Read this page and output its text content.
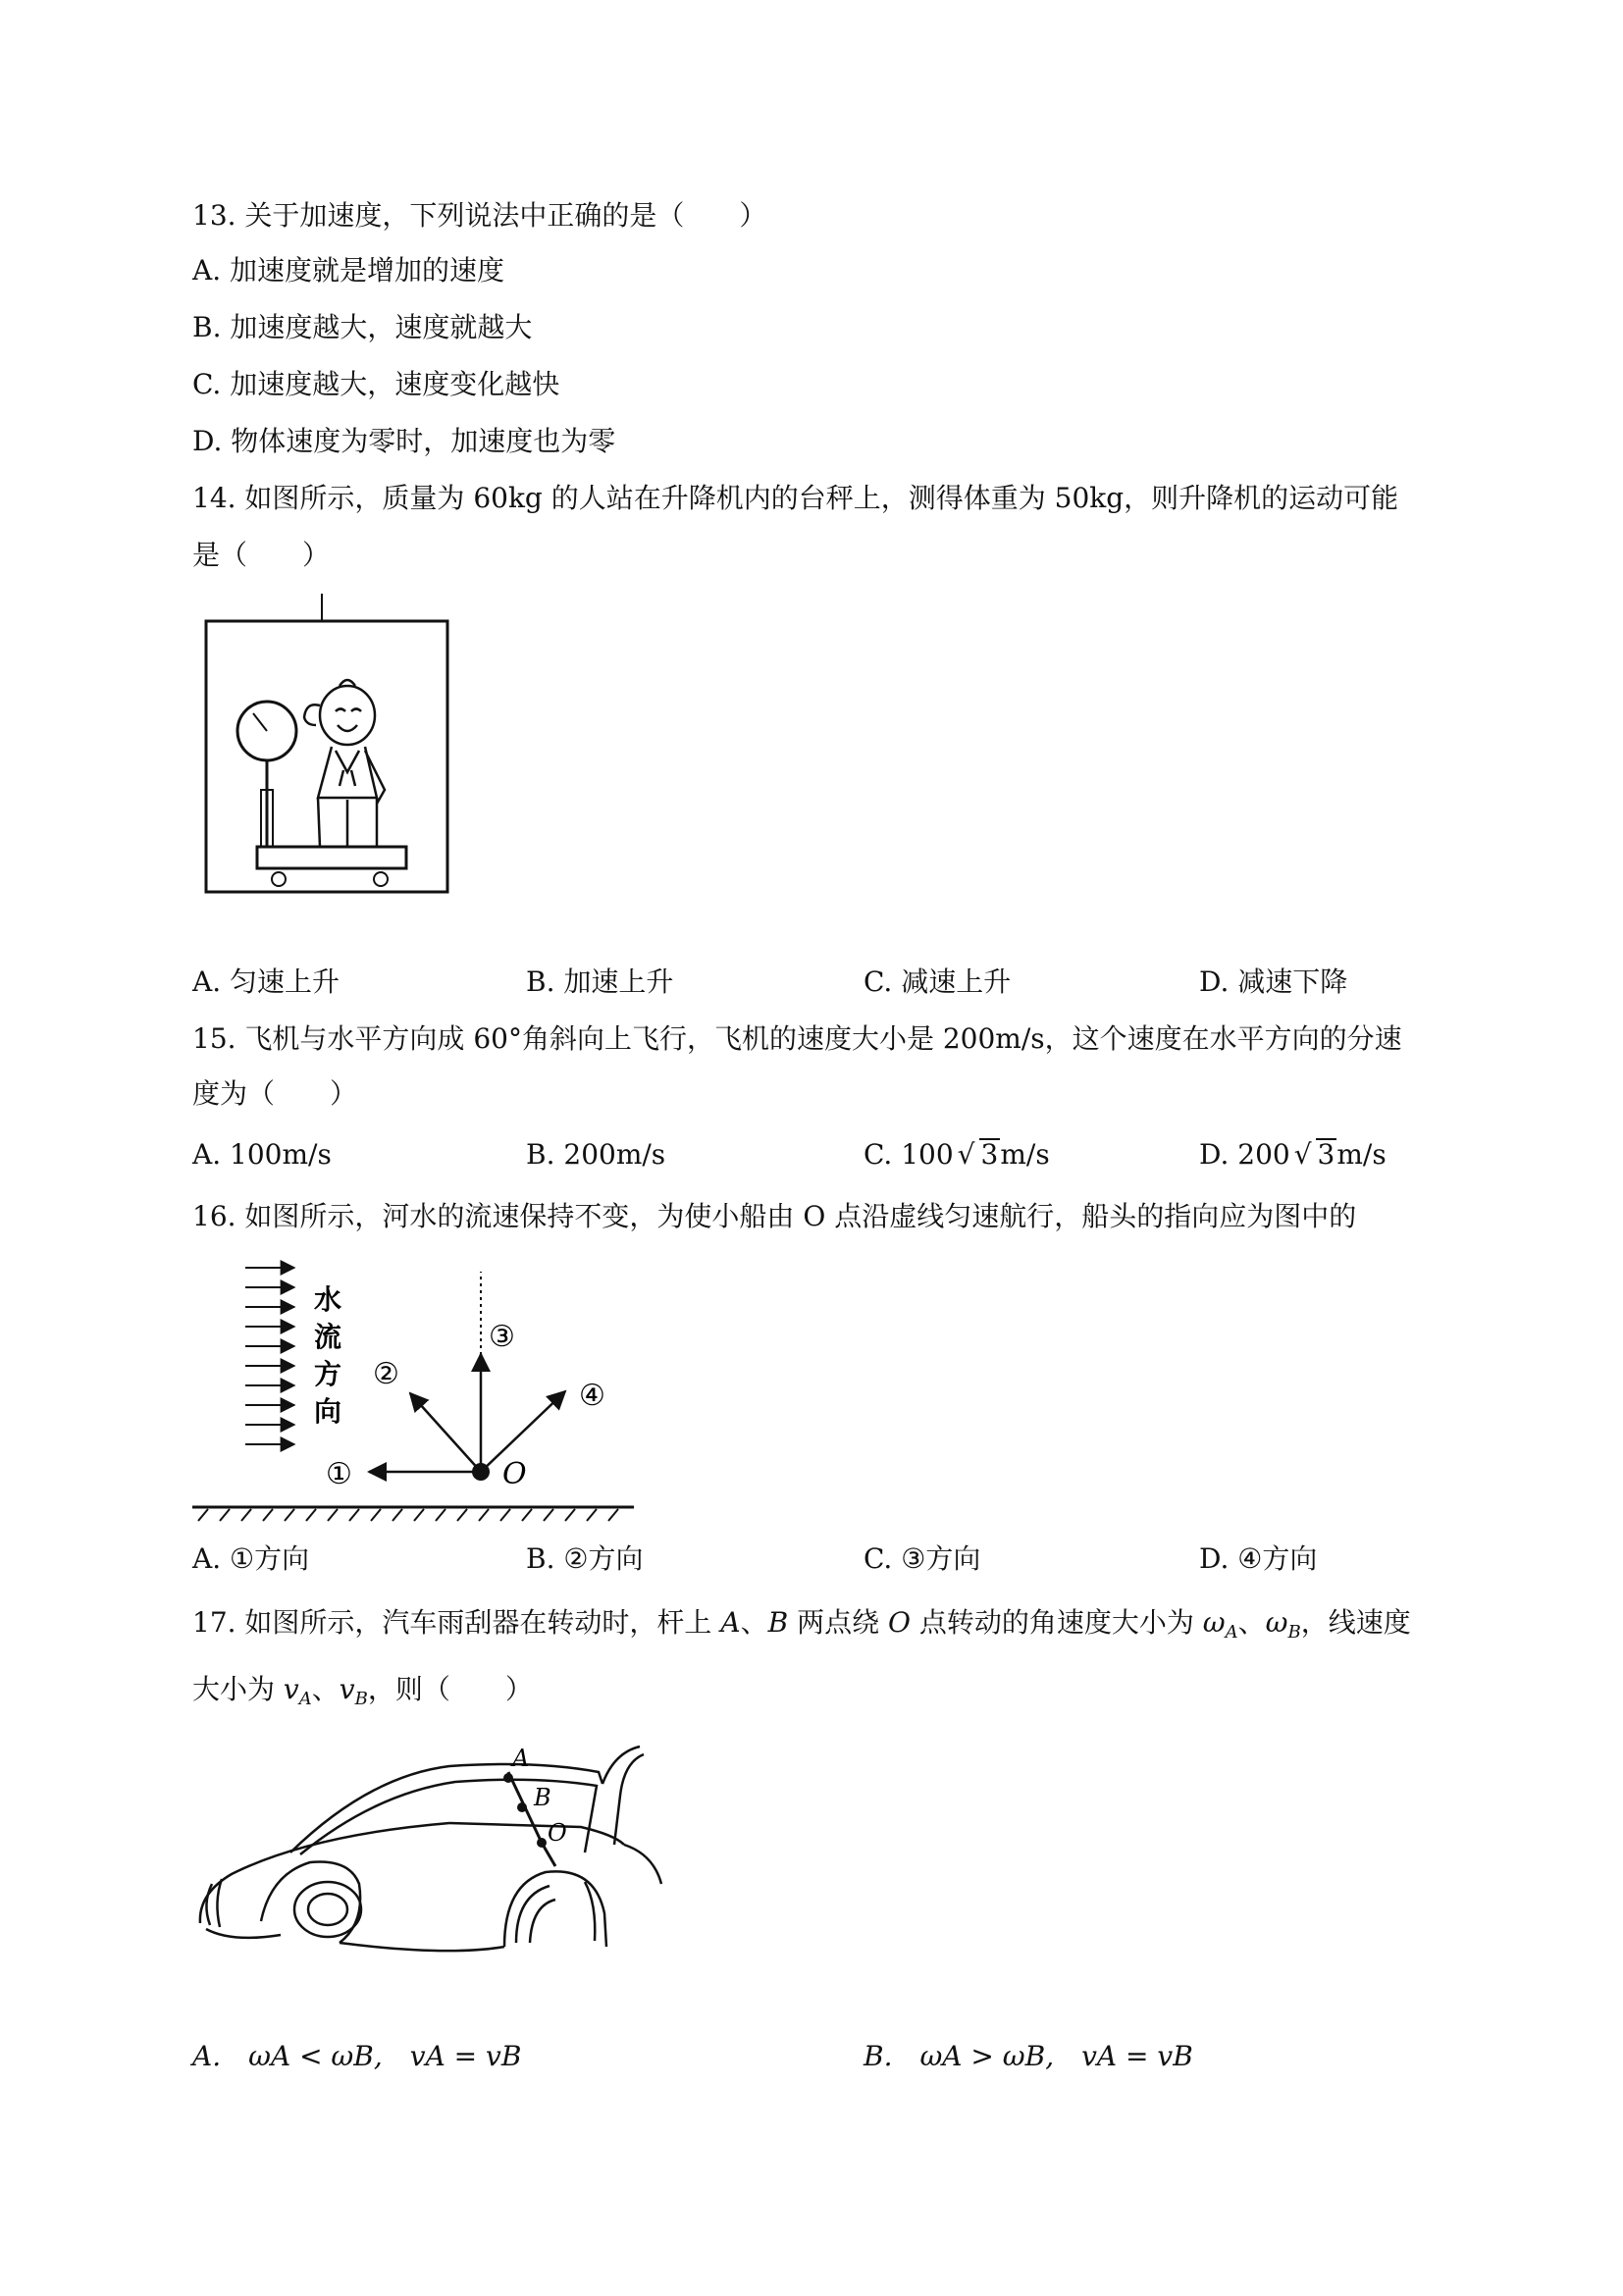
13. 关于加速度，下列说法中正确的是（　　）
A. 加速度就是增加的速度
B. 加速度越大，速度就越大
C. 加速度越大，速度变化越快
D. 物体速度为零时，加速度也为零
14. 如图所示，质量为 60kg 的人站在升降机内的台秤上，测得体重为 50kg，则升降机的运动可能
是（　　）
A. 匀速上升	B. 加速上升	C. 减速上升	D. 减速下降
15. 飞机与水平方向成 60°角斜向上飞行，飞机的速度大小是 200m/s，这个速度在水平方向的分速
度为（　　）
A. 100m/s	B. 200m/s	C. 100 √ 3m/s	D. 200 √ 3m/s
16. 如图所示，河水的流速保持不变，为使小船由 O 点沿虚线匀速航行，船头的指向应为图中的
水
流
方
向
①
②
③
④
O
A. ①方向	B. ②方向	C. ③方向	D. ④方向
17. 如图所示，汽车雨刮器在转动时，杆上 A、B 两点绕 O 点转动的角速度大小为 $\omega_A$、$\omega_B$，线速度
大小为 $v_A$、$v_B$，则（　　）
A
B
O
A.　ωA < ωB,　vA = vB	B.　ωA > ωB,　vA = vB
